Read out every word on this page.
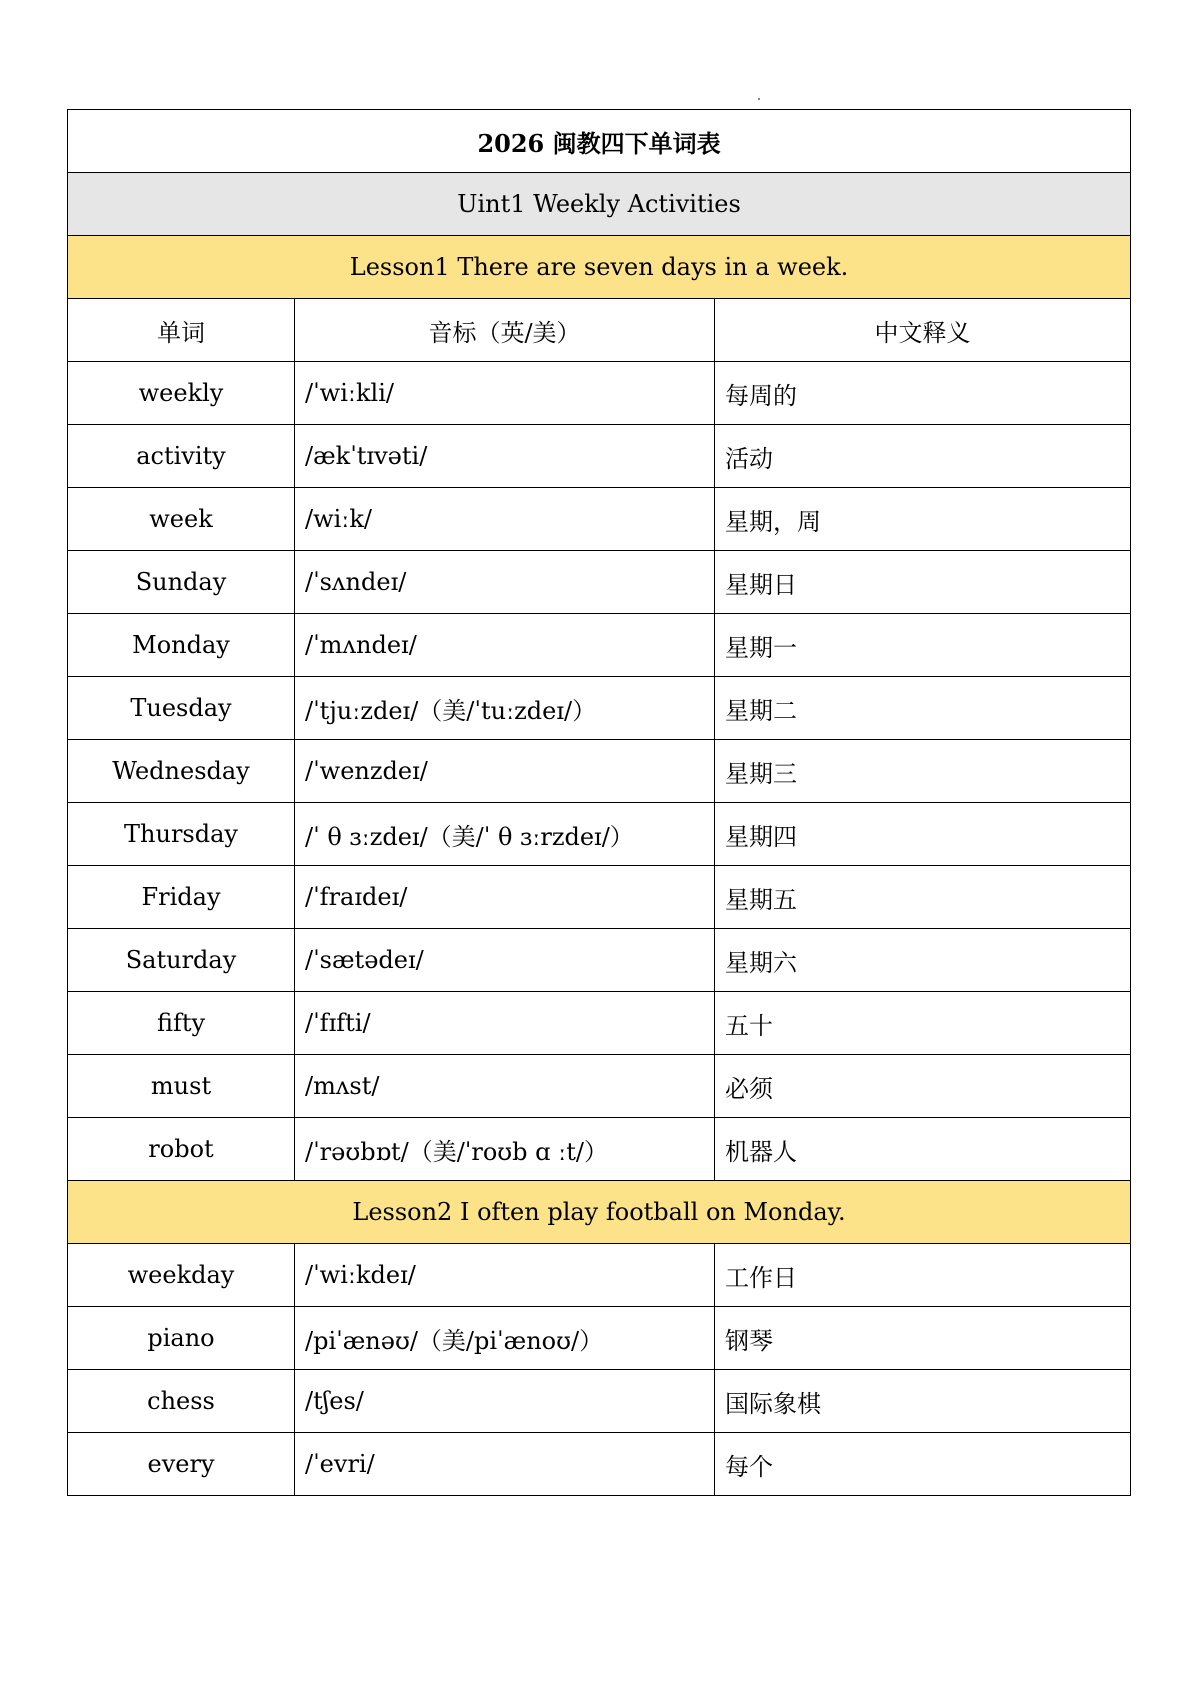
2026 闽教四下单词表		
Uint1 Weekly Activities		
Lesson1 There are seven days in a week.		
单词	音标（英/美）	中文释义
weekly	/ˈwiːkli/	每周的
activity	/ækˈtɪvəti/	活动
week	/wiːk/	星期，周
Sunday	/ˈsʌndeɪ/	星期日
Monday	/ˈmʌndeɪ/	星期一
Tuesday	/ˈtjuːzdeɪ/（美/ˈtuːzdeɪ/）	星期二
Wednesday	/ˈwenzdeɪ/	星期三
Thursday	/ˈ θ ɜːzdeɪ/（美/ˈ θ ɜːrzdeɪ/）	星期四
Friday	/ˈfraɪdeɪ/	星期五
Saturday	/ˈsætədeɪ/	星期六
fifty	/ˈfɪfti/	五十
must	/mʌst/	必须
robot	/ˈrəʊbɒt/（美/ˈroʊb ɑ ːt/）	机器人
Lesson2 I often play football on Monday.		
weekday	/ˈwiːkdeɪ/	工作日
piano	/piˈænəʊ/（美/piˈænoʊ/）	钢琴
chess	/tʃes/	国际象棋
every	/ˈevri/	每个
